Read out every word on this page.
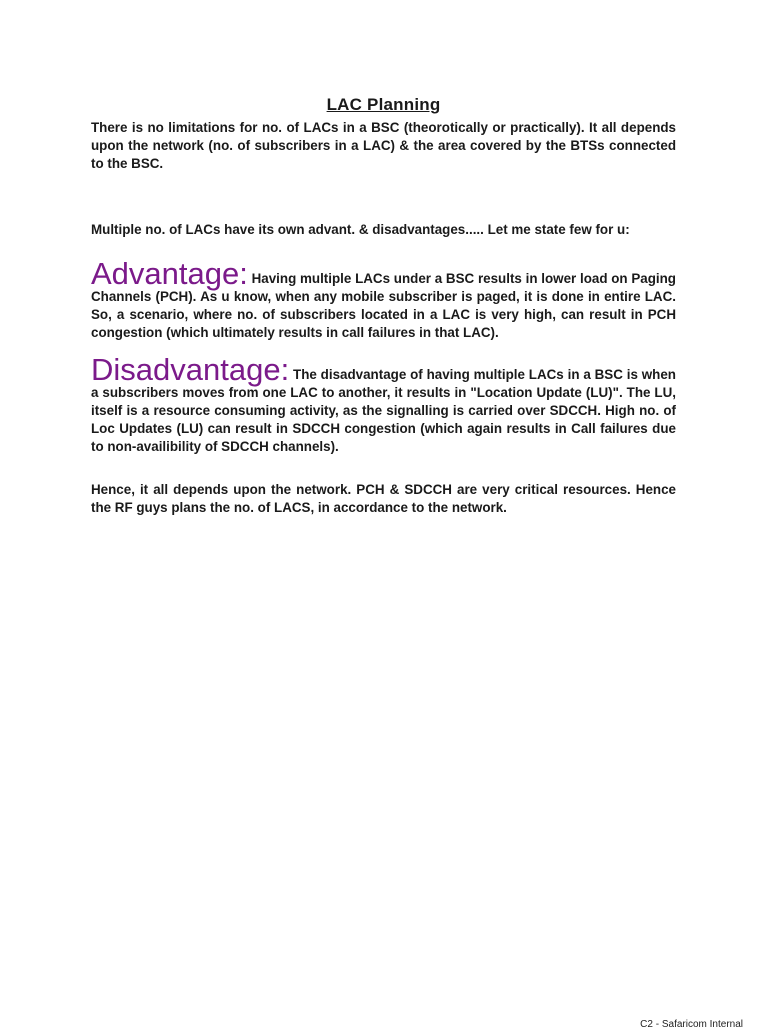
LAC Planning

There is no limitations for no. of LACs in a BSC (theorotically or practically). It all depends upon the network (no. of subscribers in a LAC) & the area covered by the BTSs connected to the BSC.

Multiple no. of LACs have its own advant. & disadvantages..... Let me state few for u:

Advantage: Having multiple LACs under a BSC results in lower load on Paging Channels (PCH). As u know, when any mobile subscriber is paged, it is done in entire LAC. So, a scenario, where no. of subscribers located in a LAC is very high, can result in PCH congestion (which ultimately results in call failures in that LAC).

Disadvantage: The disadvantage of having multiple LACs in a BSC is when a subscribers moves from one LAC to another, it results in "Location Update (LU)". The LU, itself is a resource consuming activity, as the signalling is carried over SDCCH. High no. of Loc Updates (LU) can result in SDCCH congestion (which again results in Call failures due to non-availibility of SDCCH channels).

Hence, it all depends upon the network. PCH & SDCCH are very critical resources. Hence the RF guys plans the no. of LACS, in accordance to the network.

C2 - Safaricom Internal
